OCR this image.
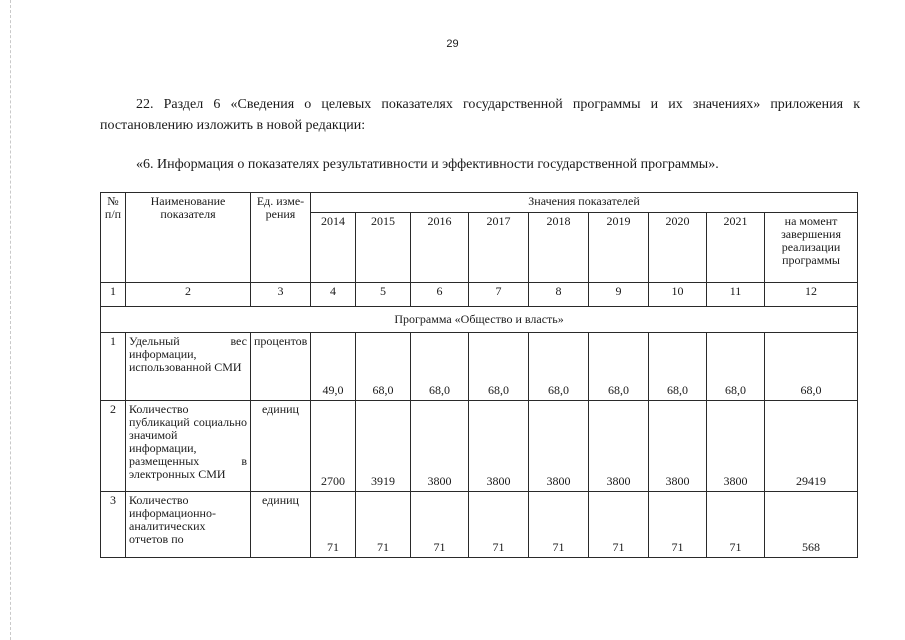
29
22. Раздел 6 «Сведения о целевых показателях государственной программы и их значениях» приложения к постановлению изложить в новой редакции:
«6. Информация о показателях результативности и эффективности государственной программы».
№ п/п	Наименование показателя	Ед. изме-рения	Значения показателей								
			2014	2015	2016	2017	2018	2019	2020	2021	на момент завершения реализации программы
1	2	3	4	5	6	7	8	9	10	11	12
Программа «Общество и власть»											
1	Удельный вес информации, использованной СМИ	процентов	49,0	68,0	68,0	68,0	68,0	68,0	68,0	68,0	68,0
2	Количество публикаций социально значимой информации, размещенных в электронных СМИ	единиц	2700	3919	3800	3800	3800	3800	3800	3800	29419
3	Количество информационно-аналитических отчетов по	единиц	71	71	71	71	71	71	71	71	568
